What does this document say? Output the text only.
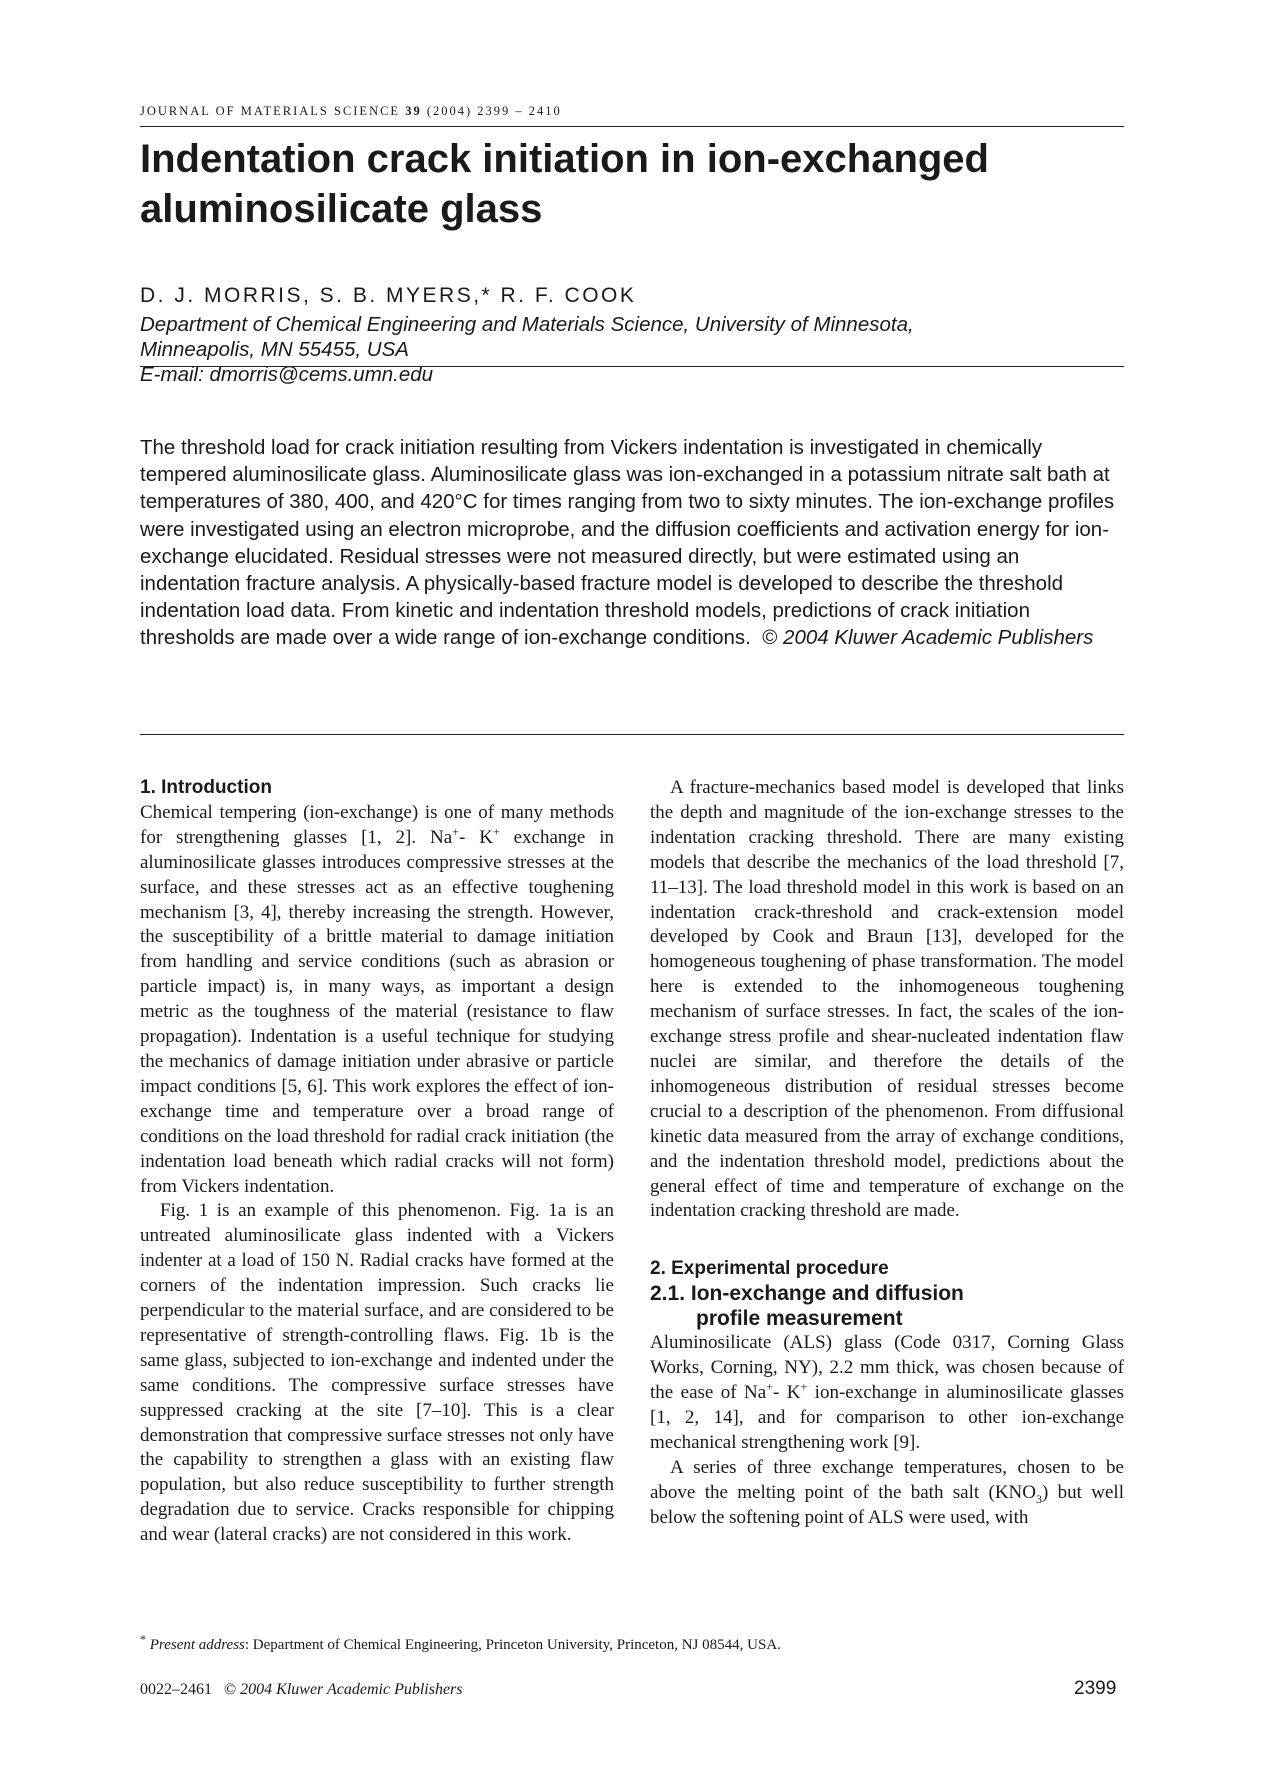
JOURNAL OF MATERIALS SCIENCE 39 (2004) 2399 – 2410
Indentation crack initiation in ion-exchanged aluminosilicate glass
D. J. MORRIS, S. B. MYERS,* R. F. COOK
Department of Chemical Engineering and Materials Science, University of Minnesota,
Minneapolis, MN 55455, USA
E-mail: dmorris@cems.umn.edu

The threshold load for crack initiation resulting from Vickers indentation is investigated in chemically tempered aluminosilicate glass. Aluminosilicate glass was ion-exchanged in a potassium nitrate salt bath at temperatures of 380, 400, and 420°C for times ranging from two to sixty minutes. The ion-exchange profiles were investigated using an electron microprobe, and the diffusion coefficients and activation energy for ion-exchange elucidated. Residual stresses were not measured directly, but were estimated using an indentation fracture analysis. A physically-based fracture model is developed to describe the threshold indentation load data. From kinetic and indentation threshold models, predictions of crack initiation thresholds are made over a wide range of ion-exchange conditions. © 2004 Kluwer Academic Publishers

1. Introduction

Chemical tempering (ion-exchange) is one of many methods for strengthening glasses [1, 2]. Na+- K+ exchange in aluminosilicate glasses introduces compressive stresses at the surface, and these stresses act as an effective toughening mechanism [3, 4], thereby increasing the strength. However, the susceptibility of a brittle material to damage initiation from handling and service conditions (such as abrasion or particle impact) is, in many ways, as important a design metric as the toughness of the material (resistance to flaw propagation). Indentation is a useful technique for studying the mechanics of damage initiation under abrasive or particle impact conditions [5, 6]. This work explores the effect of ion-exchange time and temperature over a broad range of conditions on the load threshold for radial crack initiation (the indentation load beneath which radial cracks will not form) from Vickers indentation.

Fig. 1 is an example of this phenomenon. Fig. 1a is an untreated aluminosilicate glass indented with a Vickers indenter at a load of 150 N. Radial cracks have formed at the corners of the indentation impression. Such cracks lie perpendicular to the material surface, and are considered to be representative of strength-controlling flaws. Fig. 1b is the same glass, subjected to ion-exchange and indented under the same conditions. The compressive surface stresses have suppressed cracking at the site [7–10]. This is a clear demonstration that compressive surface stresses not only have the capability to strengthen a glass with an existing flaw population, but also reduce susceptibility to further strength degradation due to service. Cracks responsible for chipping and wear (lateral cracks) are not considered in this work.

A fracture-mechanics based model is developed that links the depth and magnitude of the ion-exchange stresses to the indentation cracking threshold. There are many existing models that describe the mechanics of the load threshold [7, 11–13]. The load threshold model in this work is based on an indentation crack-threshold and crack-extension model developed by Cook and Braun [13], developed for the homogeneous toughening of phase transformation. The model here is extended to the inhomogeneous toughening mechanism of surface stresses. In fact, the scales of the ion-exchange stress profile and shear-nucleated indentation flaw nuclei are similar, and therefore the details of the inhomogeneous distribution of residual stresses become crucial to a description of the phenomenon. From diffusional kinetic data measured from the array of exchange conditions, and the indentation threshold model, predictions about the general effect of time and temperature of exchange on the indentation cracking threshold are made.

2. Experimental procedure
2.1. Ion-exchange and diffusion
profile measurement

Aluminosilicate (ALS) glass (Code 0317, Corning Glass Works, Corning, NY), 2.2 mm thick, was chosen because of the ease of Na+- K+ ion-exchange in aluminosilicate glasses [1, 2, 14], and for comparison to other ion-exchange mechanical strengthening work [9].

A series of three exchange temperatures, chosen to be above the melting point of the bath salt $(KNO_3)$ but well below the softening point of ALS were used, with

* Present address: Department of Chemical Engineering, Princeton University, Princeton, NJ 08544, USA.
0022–2461 © 2004 Kluwer Academic Publishers	2399
